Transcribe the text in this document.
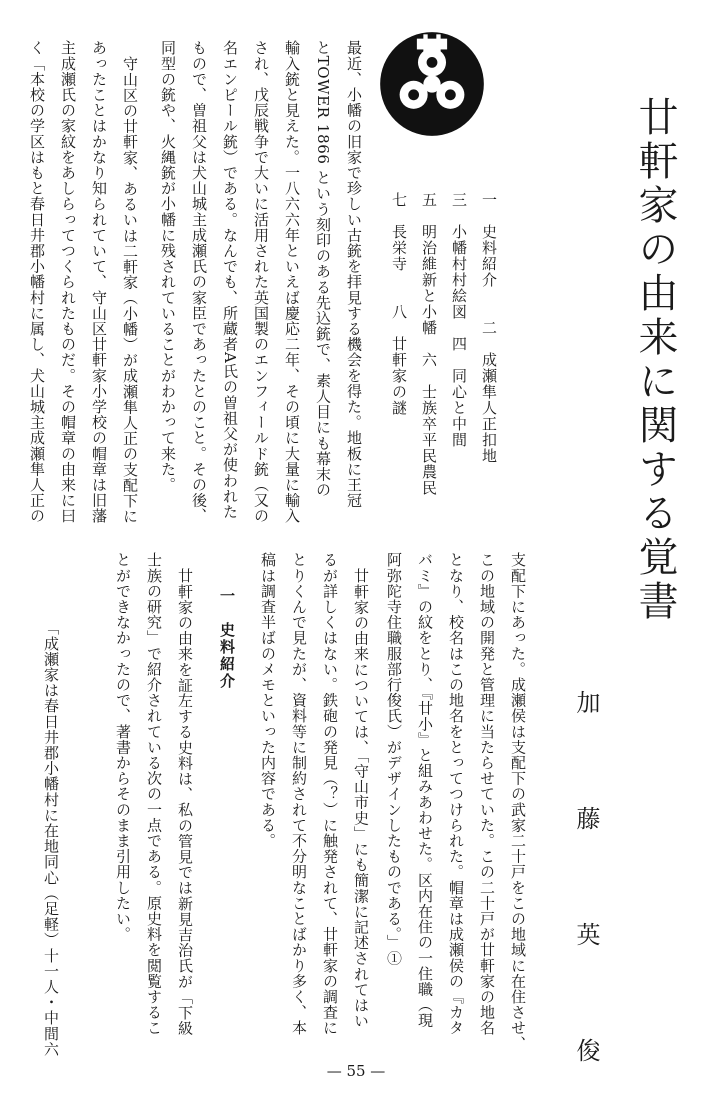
廿軒家の由来に関する覚書
加 藤 英 俊
一　史料紹介　　二　成瀬隼人正扣地
三　小幡村村絵図　四　同心と中間
五　明治維新と小幡　六　士族卒平民農民
七　長栄寺　　八　廿軒家の謎
最近、小幡の旧家で珍しい古銃を拝見する機会を得た。地板に王冠
とTOWER 1866 という刻印のある先込銃で、素人目にも幕末の
輸入銃と見えた。一八六六年といえば慶応二年、その頃に大量に輸入
され、戊辰戦争で大いに活用された英国製のエンフィールド銃（又の
名エンピール銃）である。なんでも、所蔵者A氏の曽祖父が使われた
もので、曽祖父は犬山城主成瀬氏の家臣であったとのこと。その後、
同型の銃や、火縄銃が小幡に残されていることがわかって来た。
守山区の廿軒家、あるいは二軒家（小幡）が成瀬隼人正の支配下に
あったことはかなり知られていて、守山区廿軒家小学校の帽章は旧藩
主成瀬氏の家紋をあしらってつくられたものだ。その帽章の由来に曰
く「本校の学区はもと春日井郡小幡村に属し、犬山城主成瀬隼人正の
支配下にあった。成瀬侯は支配下の武家二十戸をこの地域に在住させ、
この地域の開発と管理に当たらせていた。この二十戸が廿軒家の地名
となり、校名はこの地名をとってつけられた。帽章は成瀬侯の『カタ
バミ』の紋をとり、『廿小』と組みあわせた。区内在住の一住職（現
阿弥陀寺住職服部行俊氏）がデザインしたものである。」①
廿軒家の由来については、「守山市史」にも簡潔に記述されてはい
るが詳しくはない。鉄砲の発見（？）に触発されて、廿軒家の調査に
とりくんで見たが、資料等に制約されて不分明なことばかり多く、本
稿は調査半ばのメモといった内容である。
一　史料紹介
廿軒家の由来を証左する史料は、私の管見では新見吉治氏が「下級
士族の研究」で紹介されている次の一点である。原史料を閲覧するこ
とができなかったので、著書からそのまま引用したい。
「成瀬家は春日井郡小幡村に在地同心（足軽）十一人・中間六
— 55 —
